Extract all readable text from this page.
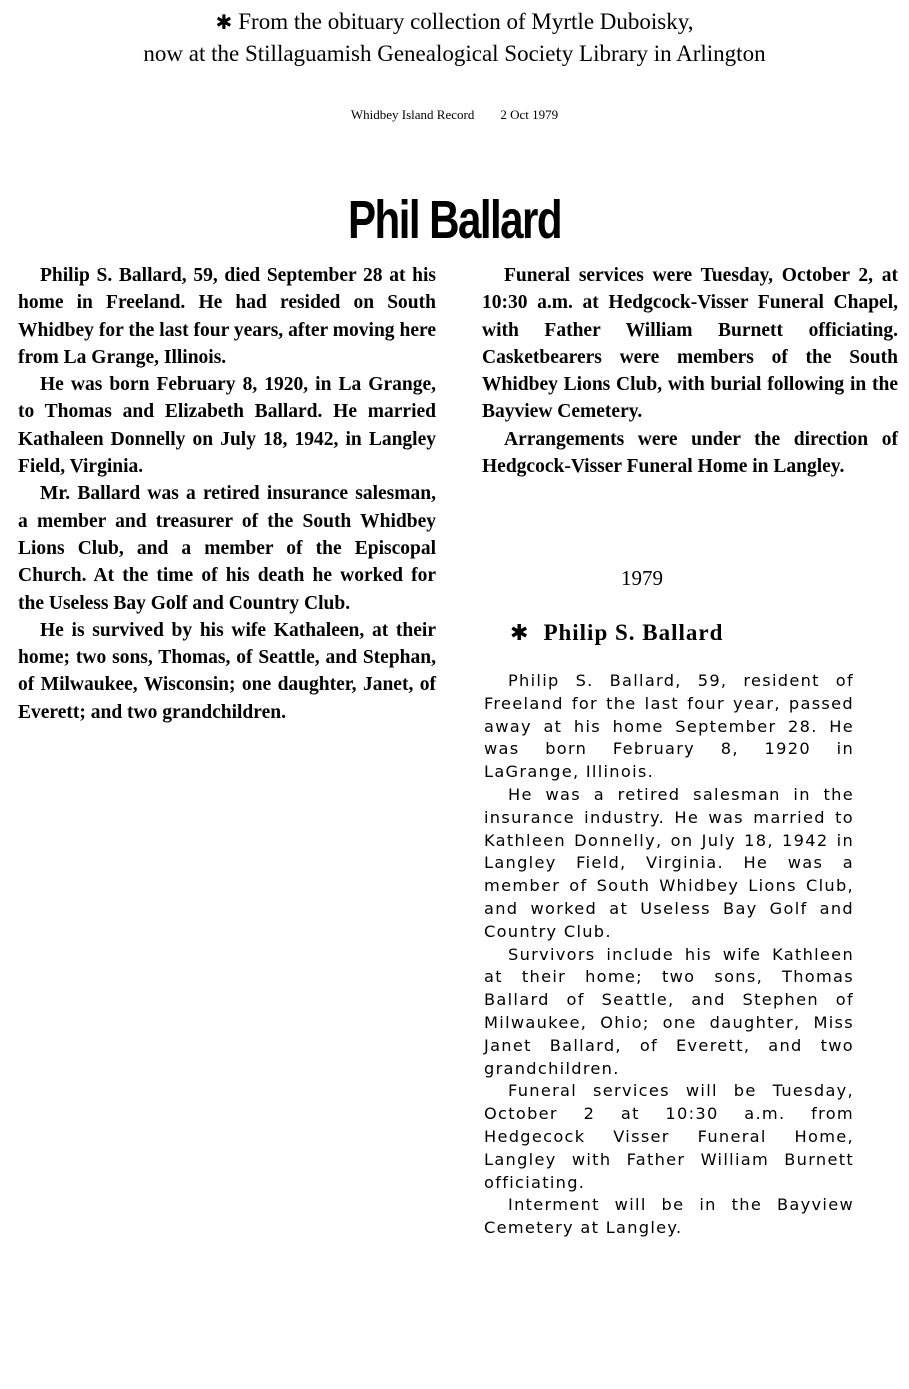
✱ From the obituary collection of Myrtle Duboisky,
now at the Stillaguamish Genealogical Society Library in Arlington
Whidbey Island Record 2 Oct 1979
Phil Ballard

Philip S. Ballard, 59, died September 28 at his home in Freeland. He had resided on South Whidbey for the last four years, after moving here from La Grange, Illinois.

He was born February 8, 1920, in La Grange, to Thomas and Elizabeth Ballard. He married Kathaleen Donnelly on July 18, 1942, in Langley Field, Virginia.

Mr. Ballard was a retired insurance salesman, a member and treasurer of the South Whidbey Lions Club, and a member of the Episcopal Church. At the time of his death he worked for the Useless Bay Golf and Country Club.

He is survived by his wife Kathaleen, at their home; two sons, Thomas, of Seattle, and Stephan, of Milwaukee, Wisconsin; one daughter, Janet, of Everett; and two grandchildren.

Funeral services were Tuesday, October 2, at 10:30 a.m. at Hedgcock-Visser Funeral Chapel, with Father William Burnett officiating. Casketbearers were members of the South Whidbey Lions Club, with burial following in the Bayview Cemetery.

Arrangements were under the direction of Hedgcock-Visser Funeral Home in Langley.

1979
✱ Philip S. Ballard

Philip S. Ballard, 59, resident of Freeland for the last four year, passed away at his home September 28. He was born February 8, 1920 in LaGrange, Illinois.

He was a retired salesman in the insurance industry. He was married to Kathleen Donnelly, on July 18, 1942 in Langley Field, Virginia. He was a member of South Whidbey Lions Club, and worked at Useless Bay Golf and Country Club.

Survivors include his wife Kathleen at their home; two sons, Thomas Ballard of Seattle, and Stephen of Milwaukee, Ohio; one daughter, Miss Janet Ballard, of Everett, and two grandchildren.

Funeral services will be Tuesday, October 2 at 10:30 a.m. from Hedgecock Visser Funeral Home, Langley with Father William Burnett officiating.

Interment will be in the Bayview Cemetery at Langley.
